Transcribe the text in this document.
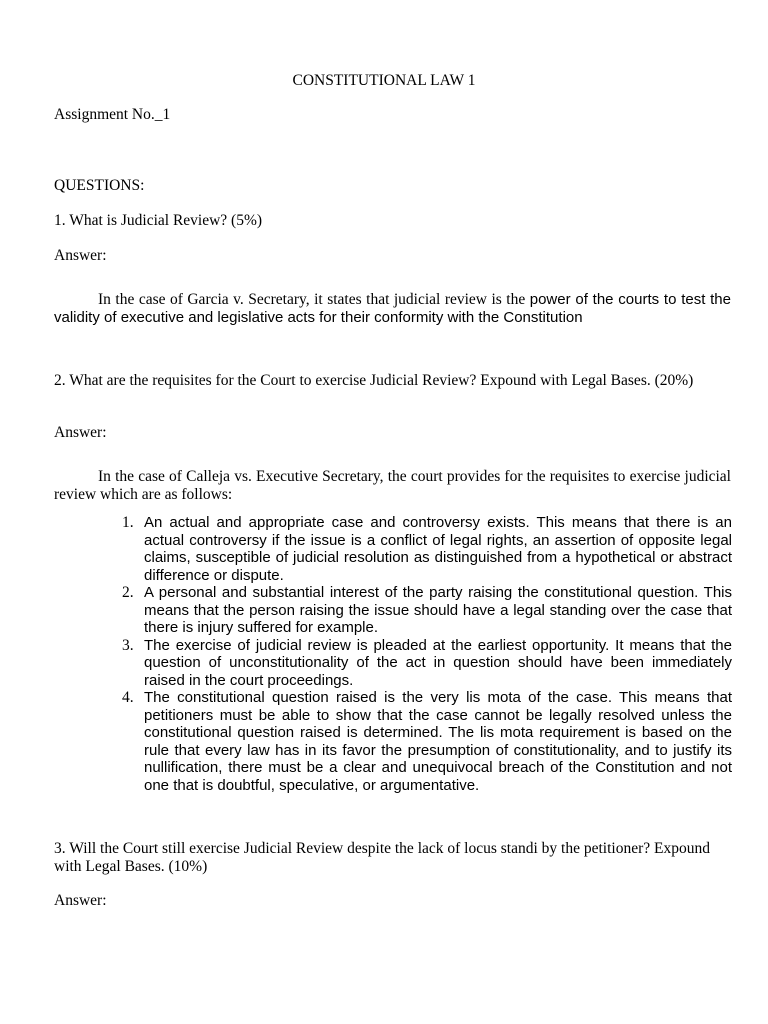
CONSTITUTIONAL LAW 1
Assignment No._1
QUESTIONS:
1. What is Judicial Review? (5%)
Answer:
In the case of Garcia v. Secretary, it states that judicial review is the power of the courts to test the validity of executive and legislative acts for their conformity with the Constitution
2. What are the requisites for the Court to exercise Judicial Review? Expound with Legal Bases. (20%)
Answer:
In the case of Calleja vs. Executive Secretary, the court provides for the requisites to exercise judicial review which are as follows:
1. An actual and appropriate case and controversy exists. This means that there is an actual controversy if the issue is a conflict of legal rights, an assertion of opposite legal claims, susceptible of judicial resolution as distinguished from a hypothetical or abstract difference or dispute.
2. A personal and substantial interest of the party raising the constitutional question. This means that the person raising the issue should have a legal standing over the case that there is injury suffered for example.
3. The exercise of judicial review is pleaded at the earliest opportunity. It means that the question of unconstitutionality of the act in question should have been immediately raised in the court proceedings.
4. The constitutional question raised is the very lis mota of the case. This means that petitioners must be able to show that the case cannot be legally resolved unless the constitutional question raised is determined. The lis mota requirement is based on the rule that every law has in its favor the presumption of constitutionality, and to justify its nullification, there must be a clear and unequivocal breach of the Constitution and not one that is doubtful, speculative, or argumentative.
3. Will the Court still exercise Judicial Review despite the lack of locus standi by the petitioner? Expound with Legal Bases. (10%)
Answer:
